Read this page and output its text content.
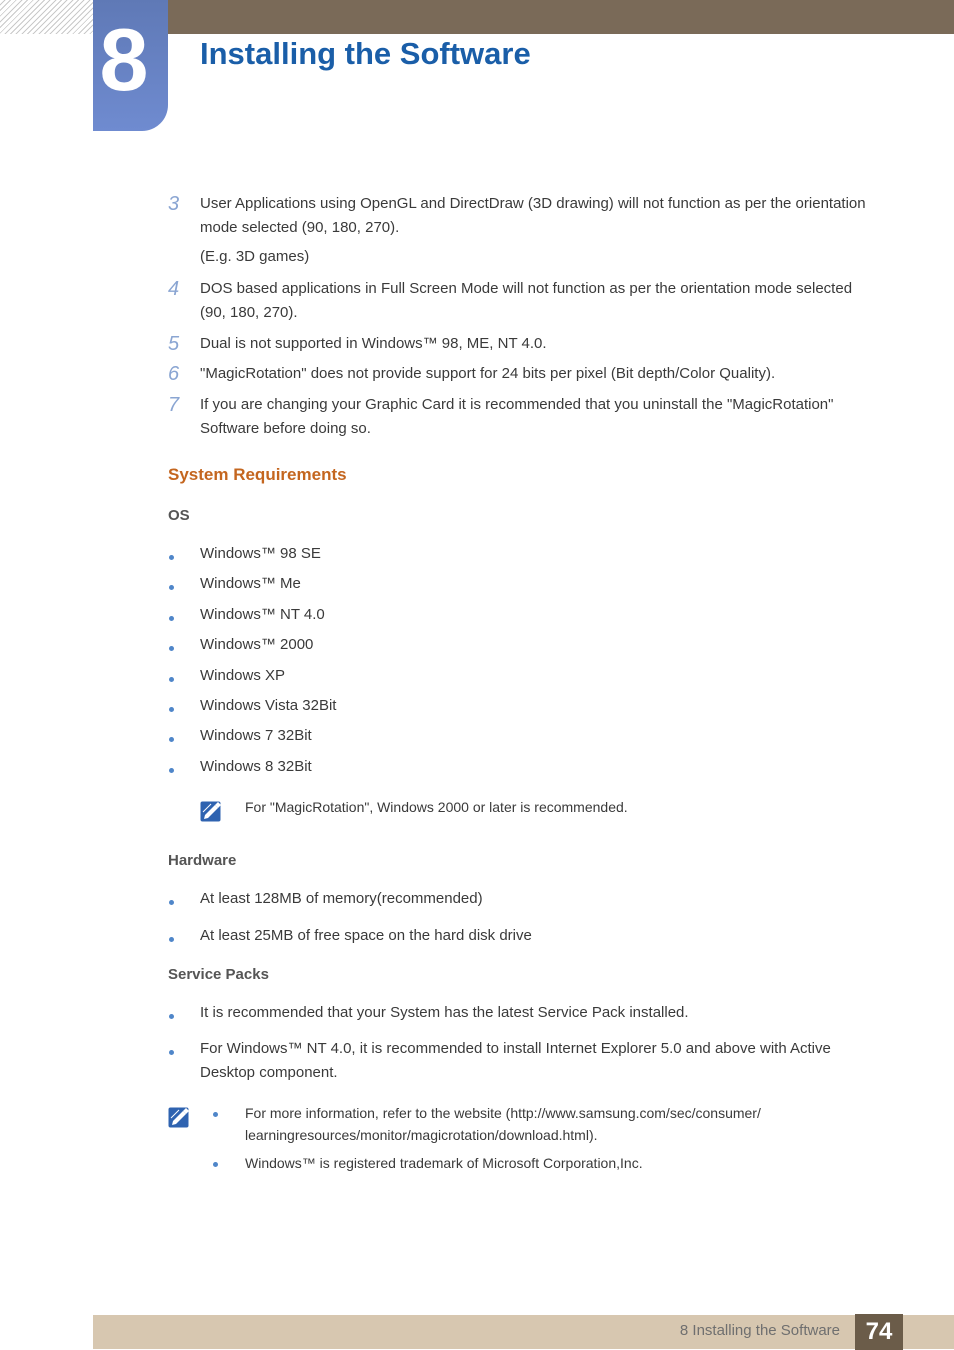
8 Installing the Software
3 User Applications using OpenGL and DirectDraw (3D drawing) will not function as per the orientation

mode selected (90, 180, 270).

(E.g. 3D games)

4 DOS based applications in Full Screen Mode will not function as per the orientation mode selected

(90, 180, 270).

5 Dual is not supported in Windows™ 98, ME, NT 4.0.

6 "MagicRotation" does not provide support for 24 bits per pixel (Bit depth/Color Quality).

7 If you are changing your Graphic Card it is recommended that you uninstall the "MagicRotation"

Software before doing so.

System Requirements
OS

Windows™ 98 SE

Windows™ Me

Windows™ NT 4.0

Windows™ 2000

Windows XP

Windows Vista 32Bit

Windows 7 32Bit

Windows 8 32Bit

For "MagicRotation", Windows 2000 or later is recommended.

Hardware

At least 128MB of memory(recommended)

At least 25MB of free space on the hard disk drive

Service Packs

It is recommended that your System has the latest Service Pack installed.

For Windows™ NT 4.0, it is recommended to install Internet Explorer 5.0 and above with Active

Desktop component.

For more information, refer to the website (http://www.samsung.com/sec/consumer/

learningresources/monitor/magicrotation/download.html).

Windows™ is registered trademark of Microsoft Corporation,Inc.

8 Installing the Software	74
